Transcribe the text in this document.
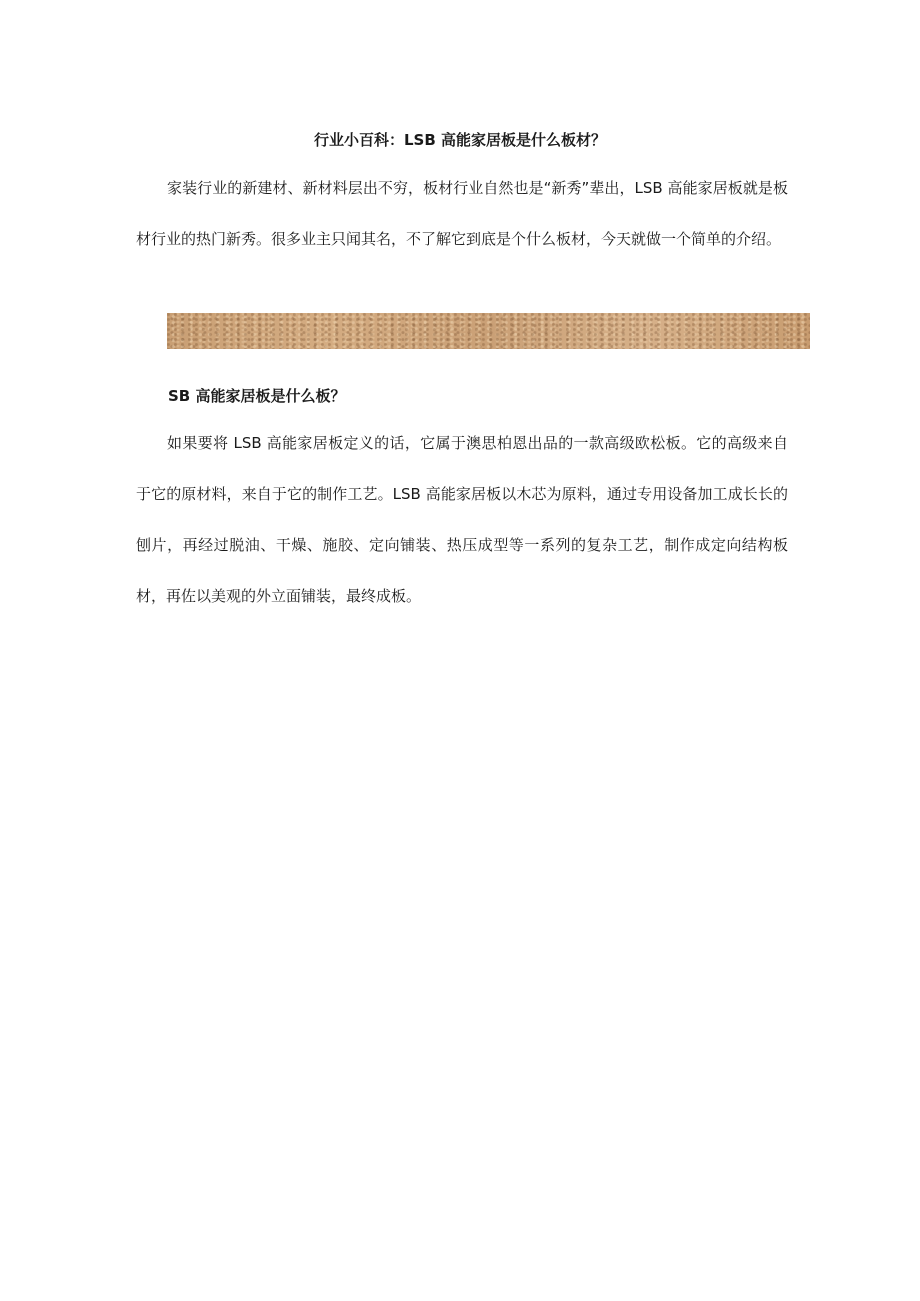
行业小百科：LSB 高能家居板是什么板材？

家装行业的新建材、新材料层出不穷，板材行业自然也是“新秀”辈出，LSB 高能家居板就是板材行业的热门新秀。很多业主只闻其名，不了解它到底是个什么板材，今天就做一个简单的介绍。

SB 高能家居板是什么板？

如果要将 LSB 高能家居板定义的话，它属于澳思柏恩出品的一款高级欧松板。它的高级来自于它的原材料，来自于它的制作工艺。LSB 高能家居板以木芯为原料，通过专用设备加工成长长的刨片，再经过脱油、干燥、施胶、定向铺装、热压成型等一系列的复杂工艺，制作成定向结构板材，再佐以美观的外立面铺装，最终成板。
